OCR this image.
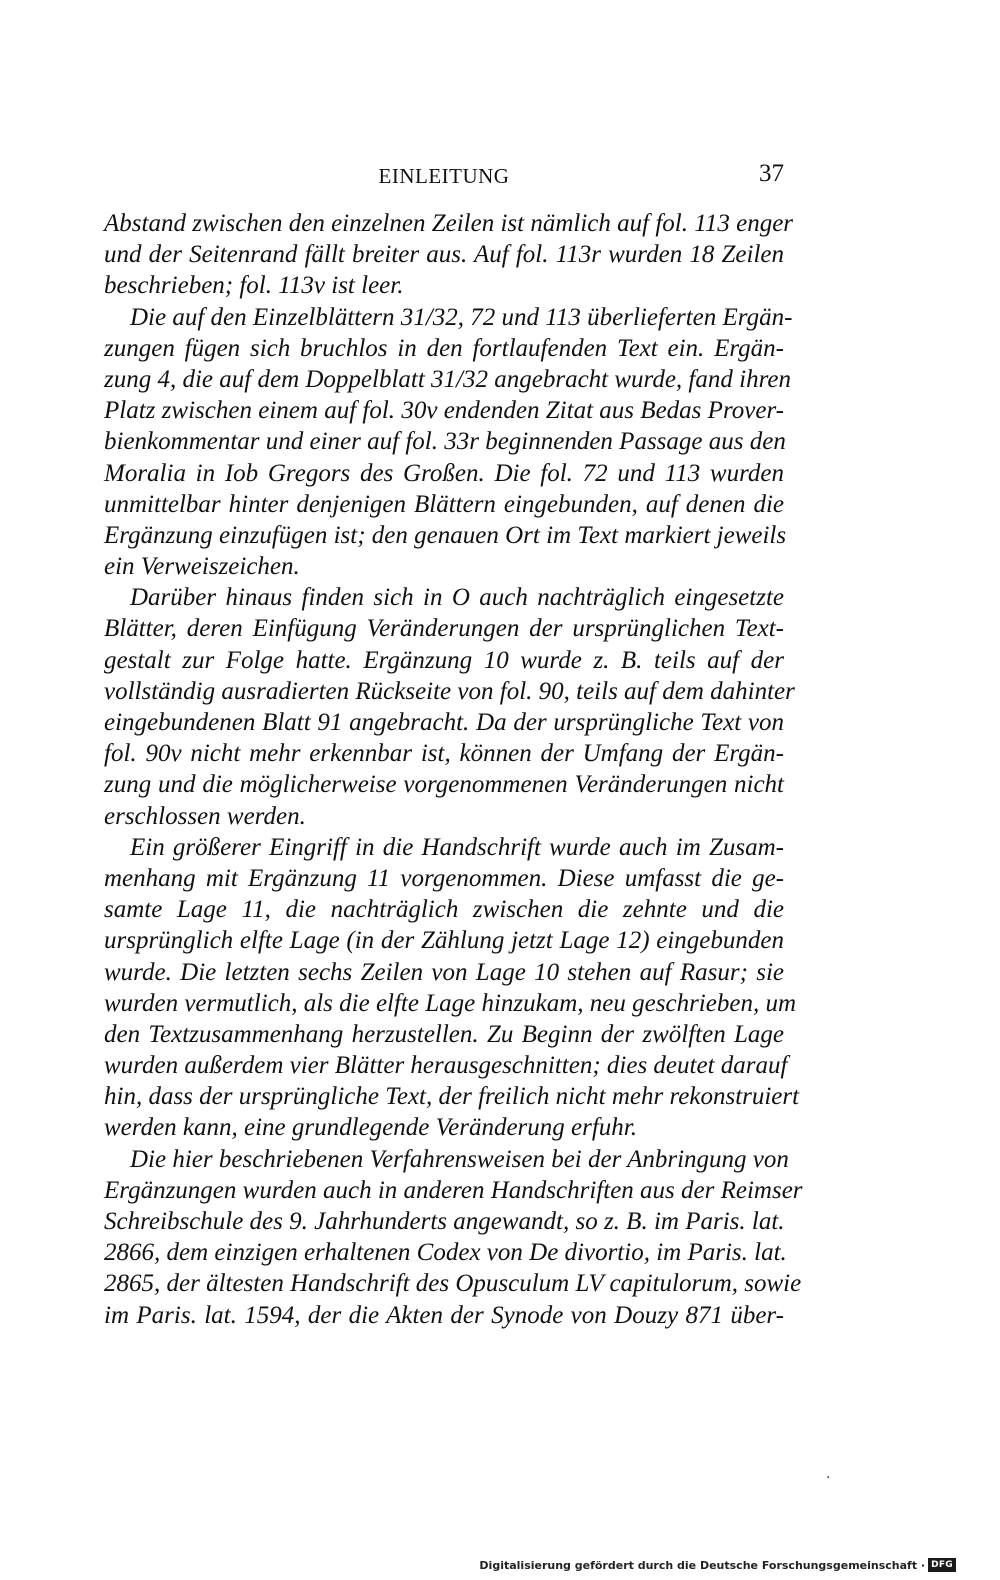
EINLEITUNG	37
Abstand zwischen den einzelnen Zeilen ist nämlich auf fol. 113 enger
und der Seitenrand fällt breiter aus. Auf fol. 113r wurden 18 Zeilen
beschrieben; fol. 113v ist leer.
Die auf den Einzelblättern 31/32, 72 und 113 überlieferten Ergän-
zungen fügen sich bruchlos in den fortlaufenden Text ein. Ergän-
zung 4, die auf dem Doppelblatt 31/32 angebracht wurde, fand ihren
Platz zwischen einem auf fol. 30v endenden Zitat aus Bedas Prover-
bienkommentar und einer auf fol. 33r beginnenden Passage aus den
Moralia in Iob Gregors des Großen. Die fol. 72 und 113 wurden
unmittelbar hinter denjenigen Blättern eingebunden, auf denen die
Ergänzung einzufügen ist; den genauen Ort im Text markiert jeweils
ein Verweiszeichen.
Darüber hinaus finden sich in O auch nachträglich eingesetzte
Blätter, deren Einfügung Veränderungen der ursprünglichen Text-
gestalt zur Folge hatte. Ergänzung 10 wurde z. B. teils auf der
vollständig ausradierten Rückseite von fol. 90, teils auf dem dahinter
eingebundenen Blatt 91 angebracht. Da der ursprüngliche Text von
fol. 90v nicht mehr erkennbar ist, können der Umfang der Ergän-
zung und die möglicherweise vorgenommenen Veränderungen nicht
erschlossen werden.
Ein größerer Eingriff in die Handschrift wurde auch im Zusam-
menhang mit Ergänzung 11 vorgenommen. Diese umfasst die ge-
samte Lage 11, die nachträglich zwischen die zehnte und die
ursprünglich elfte Lage (in der Zählung jetzt Lage 12) eingebunden
wurde. Die letzten sechs Zeilen von Lage 10 stehen auf Rasur; sie
wurden vermutlich, als die elfte Lage hinzukam, neu geschrieben, um
den Textzusammenhang herzustellen. Zu Beginn der zwölften Lage
wurden außerdem vier Blätter herausgeschnitten; dies deutet darauf
hin, dass der ursprüngliche Text, der freilich nicht mehr rekonstruiert
werden kann, eine grundlegende Veränderung erfuhr.
Die hier beschriebenen Verfahrensweisen bei der Anbringung von
Ergänzungen wurden auch in anderen Handschriften aus der Reimser
Schreibschule des 9. Jahrhunderts angewandt, so z. B. im Paris. lat.
2866, dem einzigen erhaltenen Codex von De divortio, im Paris. lat.
2865, der ältesten Handschrift des Opusculum LV capitulorum, sowie
im Paris. lat. 1594, der die Akten der Synode von Douzy 871 über-
·
Digitalisierung gefördert durch die Deutsche Forschungsgemeinschaft · DFG
